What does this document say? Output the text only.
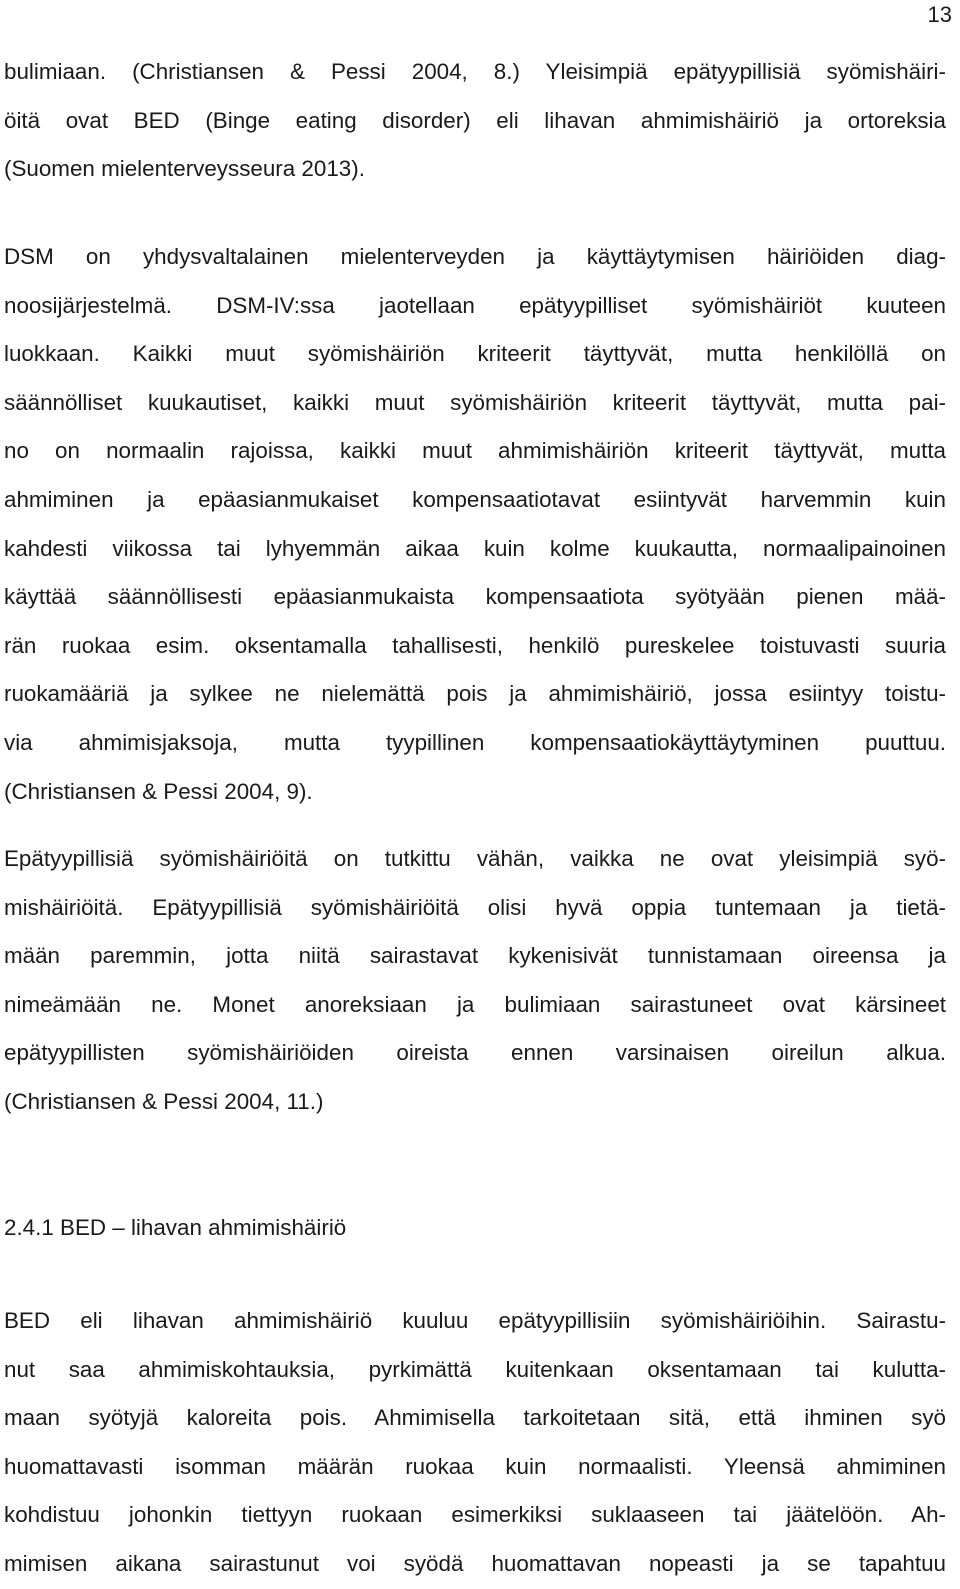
13
bulimiaan. (Christiansen & Pessi 2004, 8.) Yleisimpiä epätyypillisiä syömishäiri-
öitä ovat BED (Binge eating disorder) eli lihavan ahmimishäiriö ja ortoreksia
(Suomen mielenterveysseura 2013).
DSM on yhdysvaltalainen mielenterveyden ja käyttäytymisen häiriöiden diag-
noosijärjestelmä. DSM-IV:ssa jaotellaan epätyypilliset syömishäiriöt kuuteen
luokkaan. Kaikki muut syömishäiriön kriteerit täyttyvät, mutta henkilöllä on
säännölliset kuukautiset, kaikki muut syömishäiriön kriteerit täyttyvät, mutta pai-
no on normaalin rajoissa, kaikki muut ahmimishäiriön kriteerit täyttyvät, mutta
ahmiminen ja epäasianmukaiset kompensaatiotavat esiintyvät harvemmin kuin
kahdesti viikossa tai lyhyemmän aikaa kuin kolme kuukautta, normaalipainoinen
käyttää säännöllisesti epäasianmukaista kompensaatiota syötyään pienen mää-
rän ruokaa esim. oksentamalla tahallisesti, henkilö pureskelee toistuvasti suuria
ruokamääriä ja sylkee ne nielemättä pois ja ahmimishäiriö, jossa esiintyy toistu-
via ahmimisjaksoja, mutta tyypillinen kompensaatiokäyttäytyminen puuttuu.
(Christiansen & Pessi 2004, 9).
Epätyypillisiä syömishäiriöitä on tutkittu vähän, vaikka ne ovat yleisimpiä syö-
mishäiriöitä. Epätyypillisiä syömishäiriöitä olisi hyvä oppia tuntemaan ja tietä-
mään paremmin, jotta niitä sairastavat kykenisivät tunnistamaan oireensa ja
nimeämään ne. Monet anoreksiaan ja bulimiaan sairastuneet ovat kärsineet
epätyypillisten syömishäiriöiden oireista ennen varsinaisen oireilun alkua.
(Christiansen & Pessi 2004, 11.)
2.4.1 BED – lihavan ahmimishäiriö
BED eli lihavan ahmimishäiriö kuuluu epätyypillisiin syömishäiriöihin. Sairastu-
nut saa ahmimiskohtauksia, pyrkimättä kuitenkaan oksentamaan tai kulutta-
maan syötyjä kaloreita pois. Ahmimisella tarkoitetaan sitä, että ihminen syö
huomattavasti isomman määrän ruokaa kuin normaalisti. Yleensä ahmiminen
kohdistuu johonkin tiettyyn ruokaan esimerkiksi suklaaseen tai jäätelöön. Ah-
mimisen aikana sairastunut voi syödä huomattavan nopeasti ja se tapahtuu
